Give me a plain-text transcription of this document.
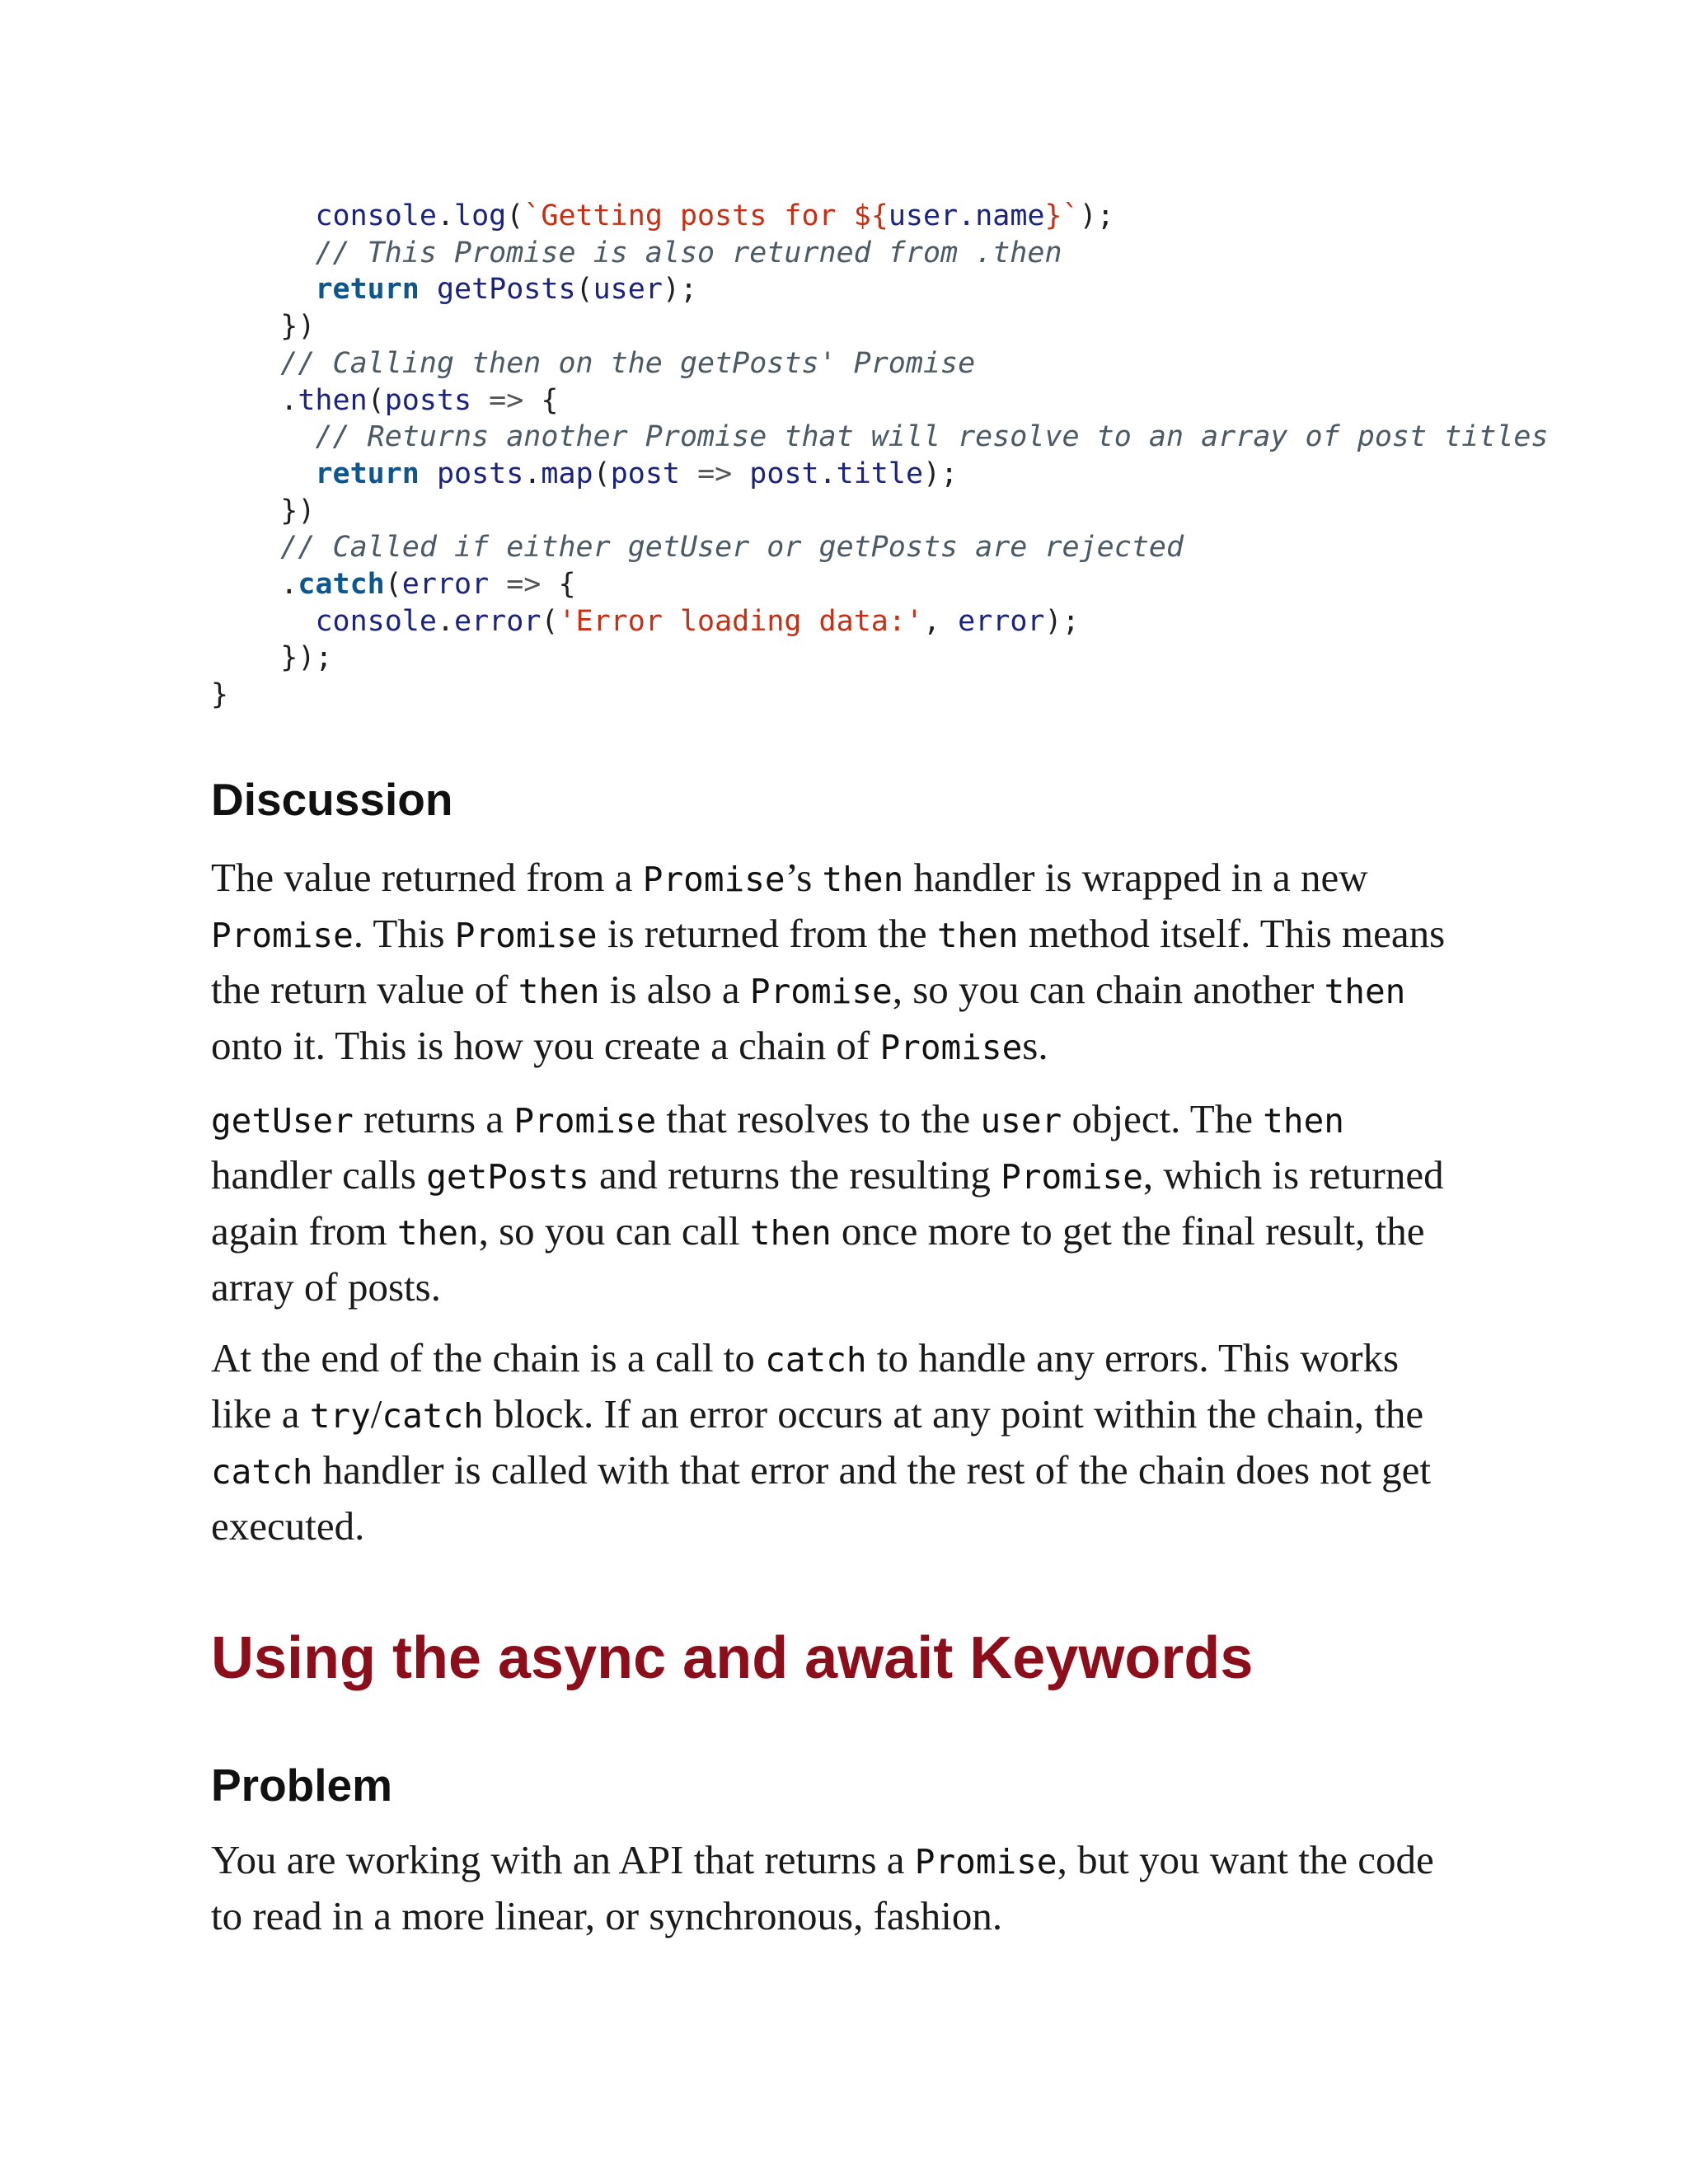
console.log(`Getting posts for ${user.name}`);
// This Promise is also returned from .then
return getPosts(user);
})
// Calling then on the getPosts' Promise
.then(posts => {
// Returns another Promise that will resolve to an array of post titles
return posts.map(post => post.title);
})
// Called if either getUser or getPosts are rejected
.catch(error => {
console.error('Error loading data:', error);
});
}
Discussion

The value returned from a Promise’s then handler is wrapped in a new
Promise. This Promise is returned from the then method itself. This means
the return value of then is also a Promise, so you can chain another then
onto it. This is how you create a chain of Promises.

getUser returns a Promise that resolves to the user object. The then
handler calls getPosts and returns the resulting Promise, which is returned
again from then, so you can call then once more to get the final result, the
array of posts.

At the end of the chain is a call to catch to handle any errors. This works
like a try/catch block. If an error occurs at any point within the chain, the
catch handler is called with that error and the rest of the chain does not get
executed.

Using the async and await Keywords
Problem

You are working with an API that returns a Promise, but you want the code
to read in a more linear, or synchronous, fashion.
